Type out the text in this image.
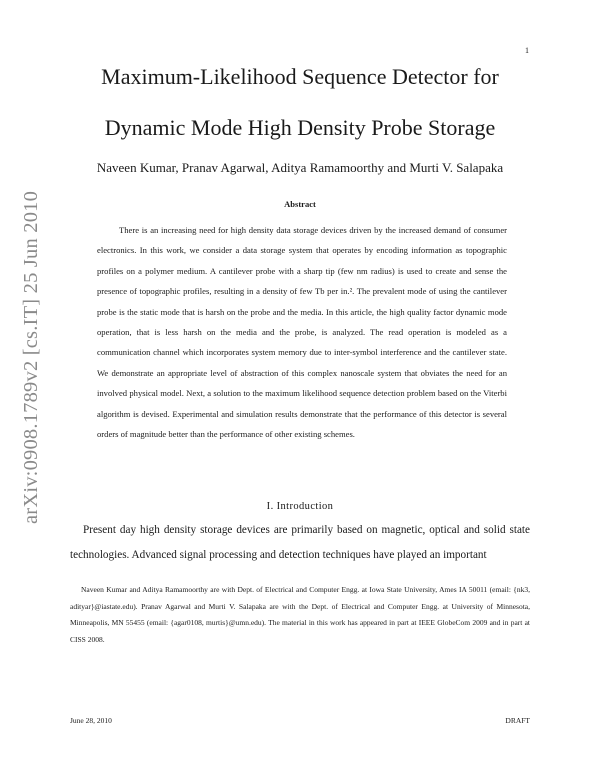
1
arXiv:0908.1789v2 [cs.IT] 25 Jun 2010
Maximum-Likelihood Sequence Detector for
Dynamic Mode High Density Probe Storage
Naveen Kumar, Pranav Agarwal, Aditya Ramamoorthy and Murti V. Salapaka
Abstract

There is an increasing need for high density data storage devices driven by the increased demand of consumer electronics. In this work, we consider a data storage system that operates by encoding information as topographic profiles on a polymer medium. A cantilever probe with a sharp tip (few nm radius) is used to create and sense the presence of topographic profiles, resulting in a density of few Tb per in.². The prevalent mode of using the cantilever probe is the static mode that is harsh on the probe and the media. In this article, the high quality factor dynamic mode operation, that is less harsh on the media and the probe, is analyzed. The read operation is modeled as a communication channel which incorporates system memory due to inter-symbol interference and the cantilever state. We demonstrate an appropriate level of abstraction of this complex nanoscale system that obviates the need for an involved physical model. Next, a solution to the maximum likelihood sequence detection problem based on the Viterbi algorithm is devised. Experimental and simulation results demonstrate that the performance of this detector is several orders of magnitude better than the performance of other existing schemes.

I. Introduction

Present day high density storage devices are primarily based on magnetic, optical and solid state technologies. Advanced signal processing and detection techniques have played an important

Naveen Kumar and Aditya Ramamoorthy are with Dept. of Electrical and Computer Engg. at Iowa State University, Ames IA 50011 (email: {nk3, adityar}@iastate.edu). Pranav Agarwal and Murti V. Salapaka are with the Dept. of Electrical and Computer Engg. at University of Minnesota, Minneapolis, MN 55455 (email: {agar0108, murtis}@umn.edu). The material in this work has appeared in part at IEEE GlobeCom 2009 and in part at CISS 2008.

June 28, 2010	DRAFT
